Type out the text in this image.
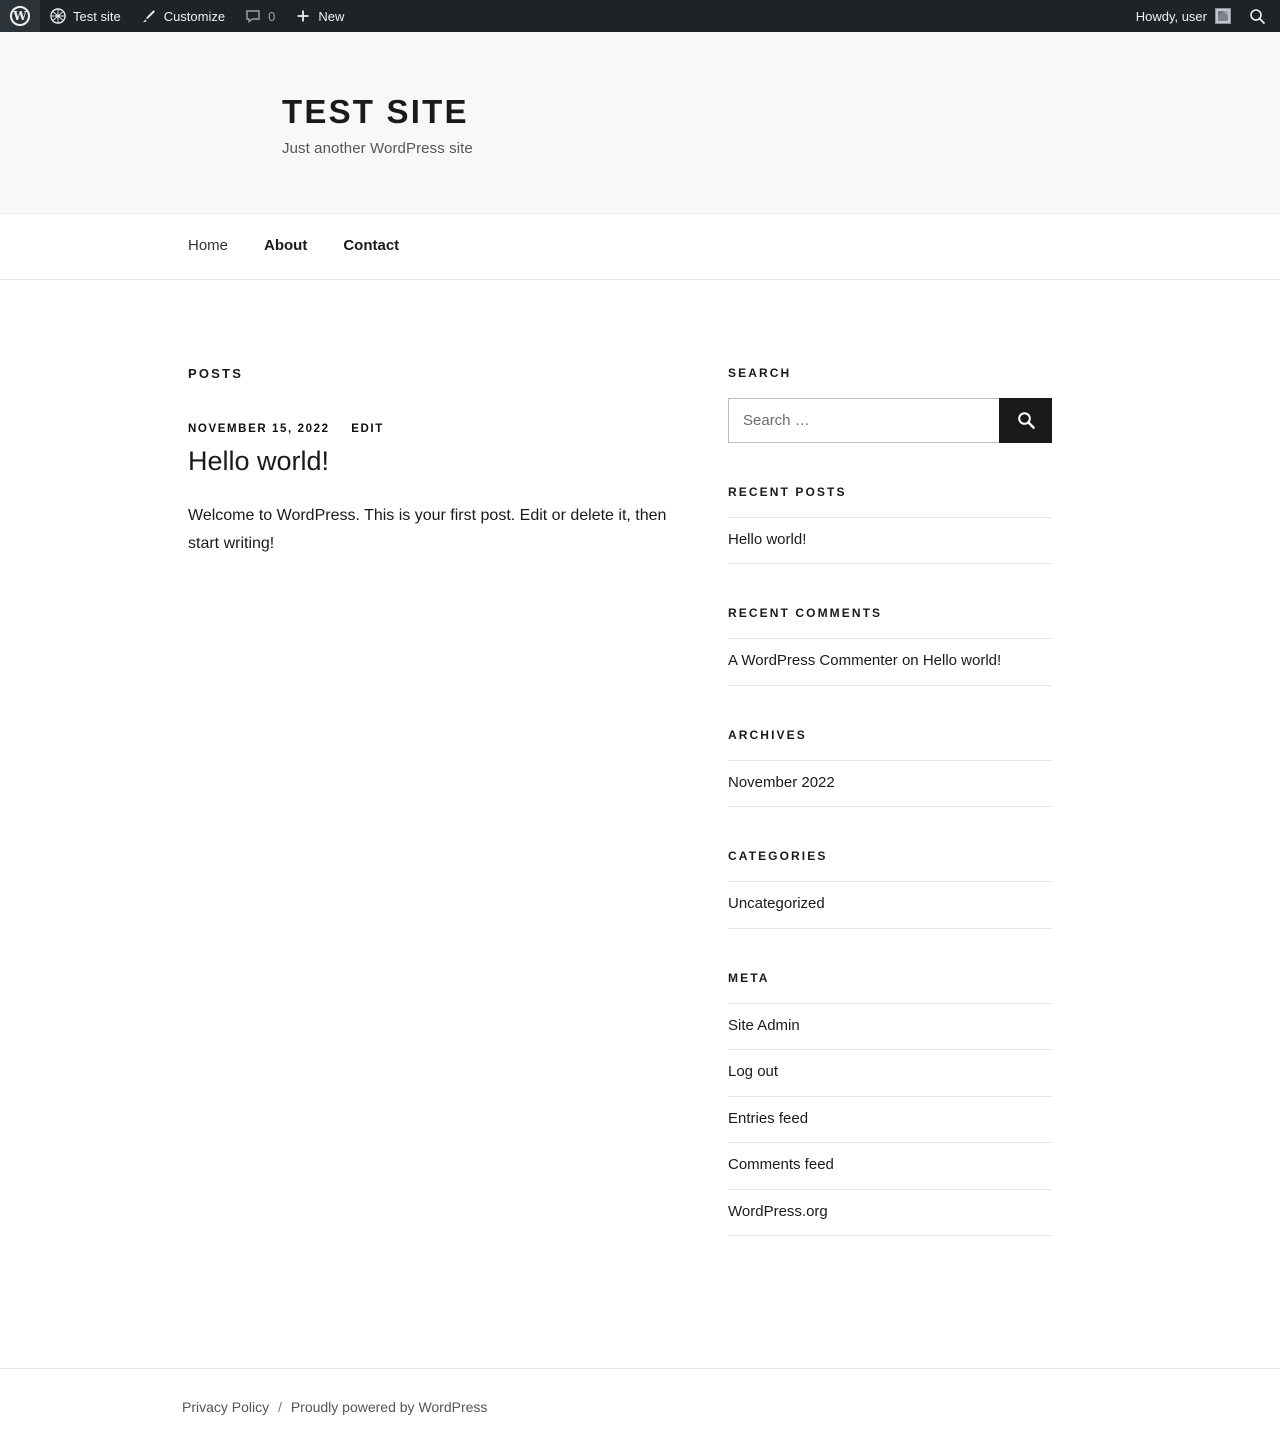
W
Test site	Customize	0	New	Howdy, user
TEST SITE

Just another WordPress site

Home About Contact
POSTS
NOVEMBER 15, 2022 EDIT
Hello world!

Welcome to WordPress. This is your first post. Edit or delete it, then start writing!

SEARCH
Search …
RECENT POSTS
Hello world!
RECENT COMMENTS
A WordPress Commenter on Hello world!
ARCHIVES
November 2022
CATEGORIES
Uncategorized
META
Site Admin
Log out
Entries feed
Comments feed
WordPress.org
Privacy Policy / Proudly powered by WordPress
